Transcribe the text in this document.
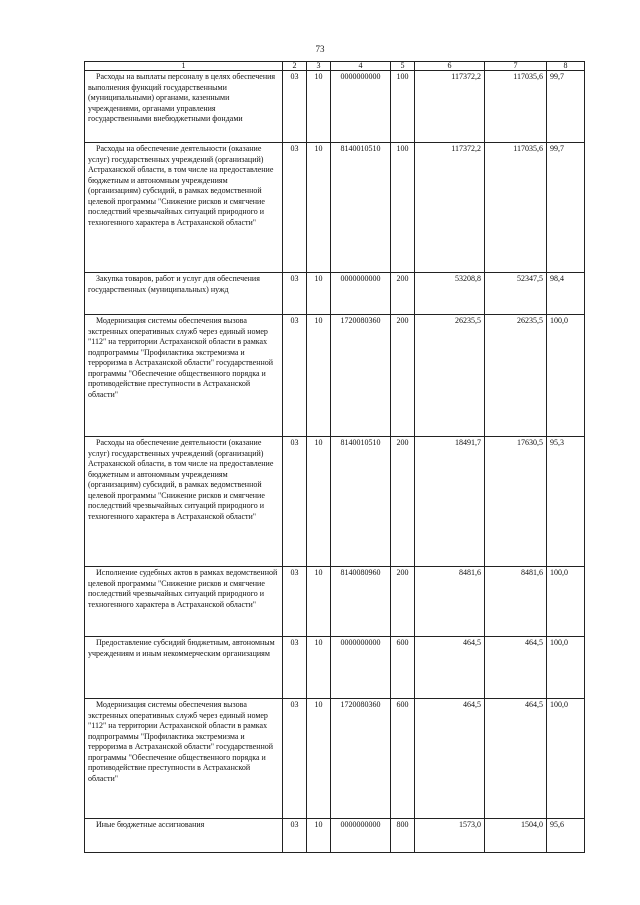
73
1	2	3	4	5	6	7	8
Расходы на выплаты персоналу в целях обеспечения выполнения функций государственными (муниципальными) органами, казенными учреждениями, органами управления государственными внебюджетными фондами	03	10	0000000000	100	117372,2	117035,6	99,7
Расходы на обеспечение деятельности (оказание услуг) государственных учреждений (организаций) Астраханской области, в том числе на предоставление бюджетным и автономным учреждениям (организациям) субсидий, в рамках ведомственной целевой программы "Снижение рисков и смягчение последствий чрезвычайных ситуаций природного и техногенного характера в Астраханской области"	03	10	8140010510	100	117372,2	117035,6	99,7
Закупка товаров, работ и услуг для обеспечения государственных (муниципальных) нужд	03	10	0000000000	200	53208,8	52347,5	98,4
Модернизация системы обеспечения вызова экстренных оперативных служб через единый номер "112" на территории Астраханской области в рамках подпрограммы "Профилактика экстремизма и терроризма в Астраханской области" государственной программы "Обеспечение общественного порядка и противодействие преступности в Астраханской области"	03	10	1720080360	200	26235,5	26235,5	100,0
Расходы на обеспечение деятельности (оказание услуг) государственных учреждений (организаций) Астраханской области, в том числе на предоставление бюджетным и автономным учреждениям (организациям) субсидий, в рамках ведомственной целевой программы "Снижение рисков и смягчение последствий чрезвычайных ситуаций природного и техногенного характера в Астраханской области"	03	10	8140010510	200	18491,7	17630,5	95,3
Исполнение судебных актов в рамках ведомственной целевой программы "Снижение рисков и смягчение последствий чрезвычайных ситуаций природного и техногенного характера в Астраханской области"	03	10	8140080960	200	8481,6	8481,6	100,0
Предоставление субсидий бюджетным, автономным учреждениям и иным некоммерческим организациям	03	10	0000000000	600	464,5	464,5	100,0
Модернизация системы обеспечения вызова экстренных оперативных служб через единый номер "112" на территории Астраханской области в рамках подпрограммы "Профилактика экстремизма и терроризма в Астраханской области" государственной программы "Обеспечение общественного порядка и противодействие преступности в Астраханской области"	03	10	1720080360	600	464,5	464,5	100,0
Иные бюджетные ассигнования	03	10	0000000000	800	1573,0	1504,0	95,6
